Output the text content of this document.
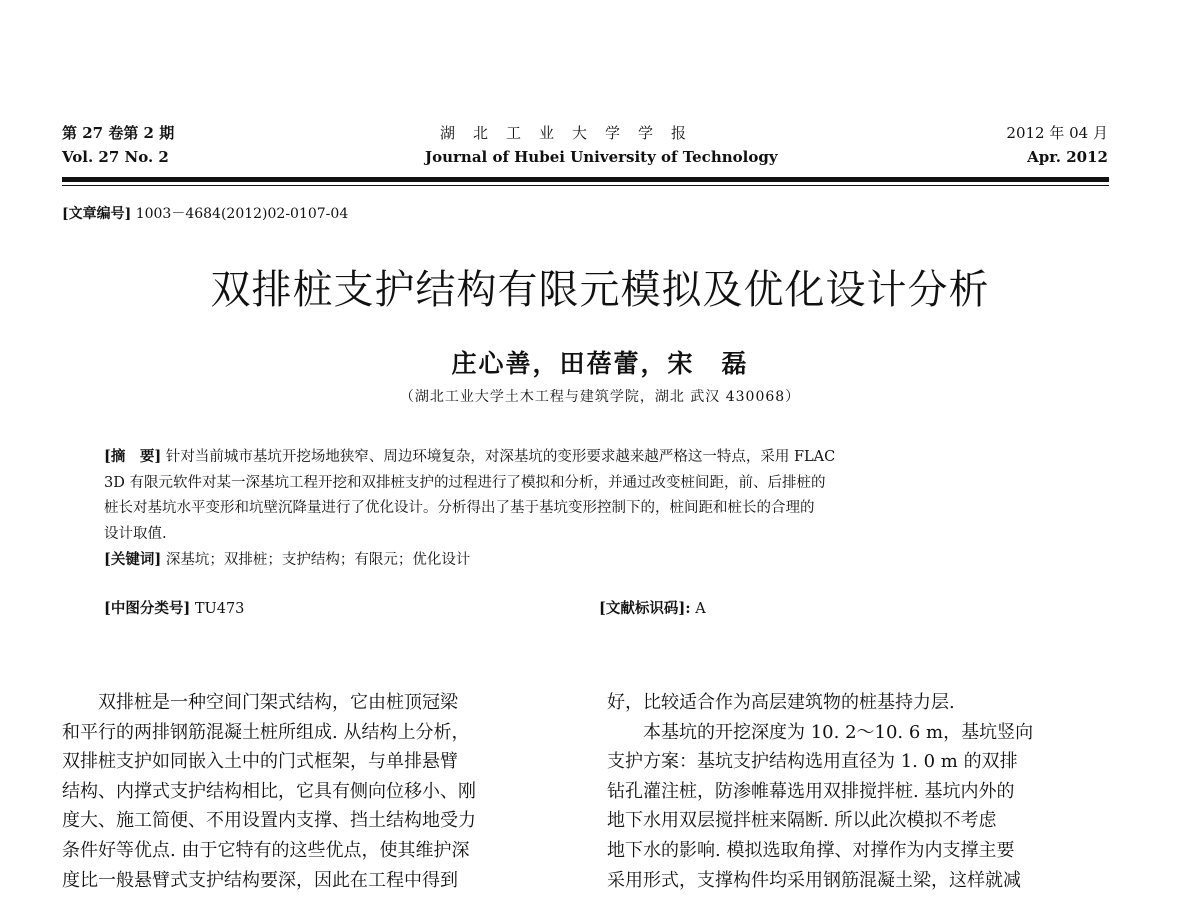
第 27 卷第 2 期
Vol. 27 No. 2
湖北工业大学学报
Journal of Hubei University of Technology
2012 年 04 月
Apr. 2012
[文章编号] 1003－4684(2012)02-0107-04
双排桩支护结构有限元模拟及优化设计分析
庄心善，田蓓蕾，宋　磊
（湖北工业大学土木工程与建筑学院，湖北 武汉 430068）
[摘　要] 针对当前城市基坑开挖场地狭窄、周边环境复杂，对深基坑的变形要求越来越严格这一特点，采用 FLAC
3D 有限元软件对某一深基坑工程开挖和双排桩支护的过程进行了模拟和分析，并通过改变桩间距，前、后排桩的
桩长对基坑水平变形和坑壁沉降量进行了优化设计。分析得出了基于基坑变形控制下的，桩间距和桩长的合理的
设计取值.
[关键词] 深基坑；双排桩；支护结构；有限元；优化设计
[中图分类号] TU473	[文献标识码]: A

双排桩是一种空间门架式结构，它由桩顶冠梁

和平行的两排钢筋混凝土桩所组成. 从结构上分析，

双排桩支护如同嵌入土中的门式框架，与单排悬臂

结构、内撑式支护结构相比，它具有侧向位移小、刚

度大、施工简便、不用设置内支撑、挡土结构地受力

条件好等优点. 由于它特有的这些优点，使其维护深

度比一般悬臂式支护结构要深，因此在工程中得到

好，比较适合作为高层建筑物的桩基持力层.

本基坑的开挖深度为 10. 2～10. 6 m，基坑竖向

支护方案：基坑支护结构选用直径为 1. 0 m 的双排

钻孔灌注桩，防渗帷幕选用双排搅拌桩. 基坑内外的

地下水用双层搅拌桩来隔断. 所以此次模拟不考虑

地下水的影响. 模拟选取角撑、对撑作为内支撑主要

采用形式，支撑构件均采用钢筋混凝土梁，这样就减
